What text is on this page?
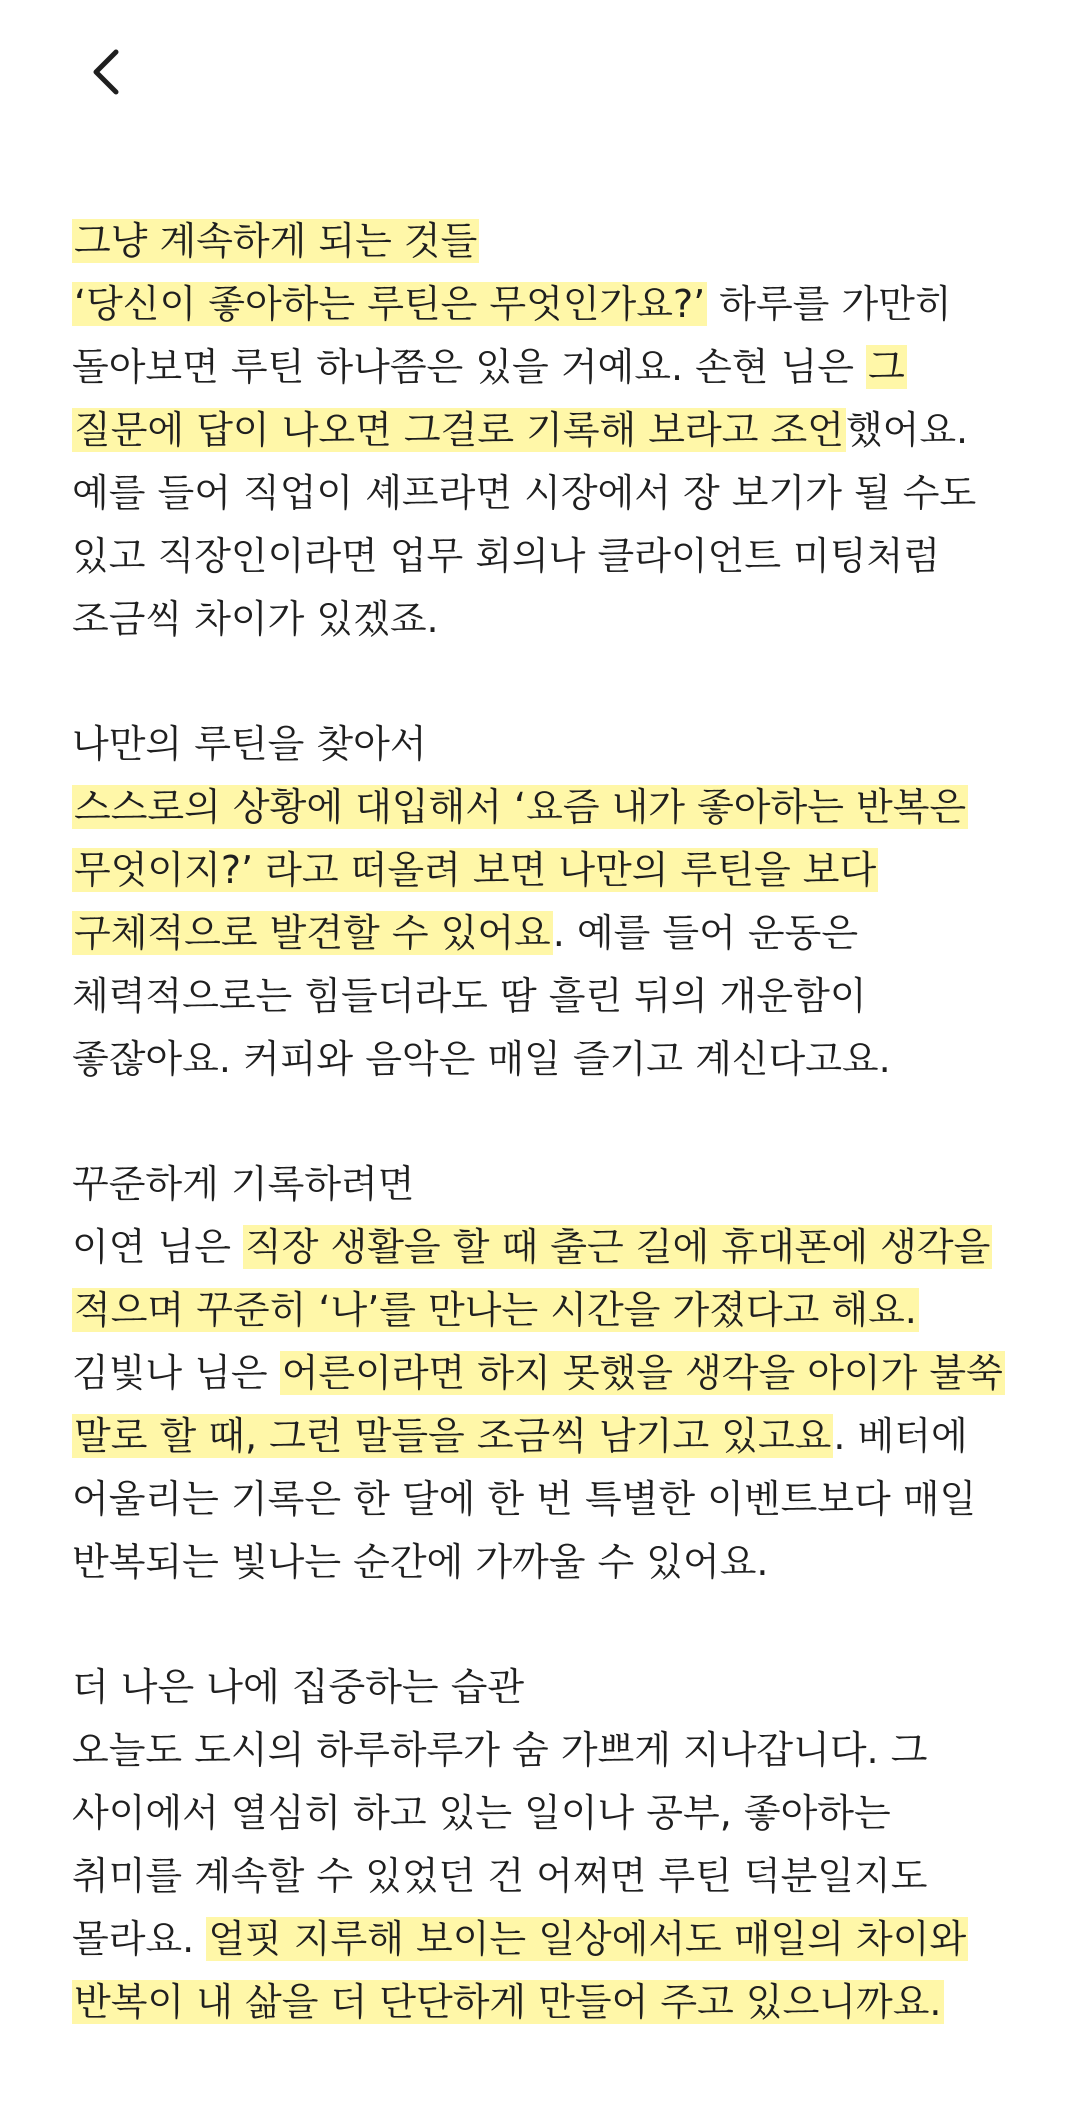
그냥 계속하게 되는 것들

‘당신이 좋아하는 루틴은 무엇인가요?’ 하루를 가만히 돌아보면 루틴 하나쯤은 있을 거예요. 손현 님은 그 질문에 답이 나오면 그걸로 기록해 보라고 조언했어요. 예를 들어 직업이 셰프라면 시장에서 장 보기가 될 수도 있고 직장인이라면 업무 회의나 클라이언트 미팅처럼 조금씩 차이가 있겠죠.

나만의 루틴을 찾아서

스스로의 상황에 대입해서 ‘요즘 내가 좋아하는 반복은 무엇이지?’ 라고 떠올려 보면 나만의 루틴을 보다 구체적으로 발견할 수 있어요. 예를 들어 운동은 체력적으로는 힘들더라도 땀 흘린 뒤의 개운함이 좋잖아요. 커피와 음악은 매일 즐기고 계신다고요.

꾸준하게 기록하려면

이연 님은 직장 생활을 할 때 출근 길에 휴대폰에 생각을 적으며 꾸준히 ‘나’를 만나는 시간을 가졌다고 해요. 김빛나 님은 어른이라면 하지 못했을 생각을 아이가 불쑥 말로 할 때, 그런 말들을 조금씩 남기고 있고요. 베터에 어울리는 기록은 한 달에 한 번 특별한 이벤트보다 매일 반복되는 빛나는 순간에 가까울 수 있어요.

더 나은 나에 집중하는 습관

오늘도 도시의 하루하루가 숨 가쁘게 지나갑니다. 그 사이에서 열심히 하고 있는 일이나 공부, 좋아하는 취미를 계속할 수 있었던 건 어쩌면 루틴 덕분일지도 몰라요. 얼핏 지루해 보이는 일상에서도 매일의 차이와 반복이 내 삶을 더 단단하게 만들어 주고 있으니까요.
